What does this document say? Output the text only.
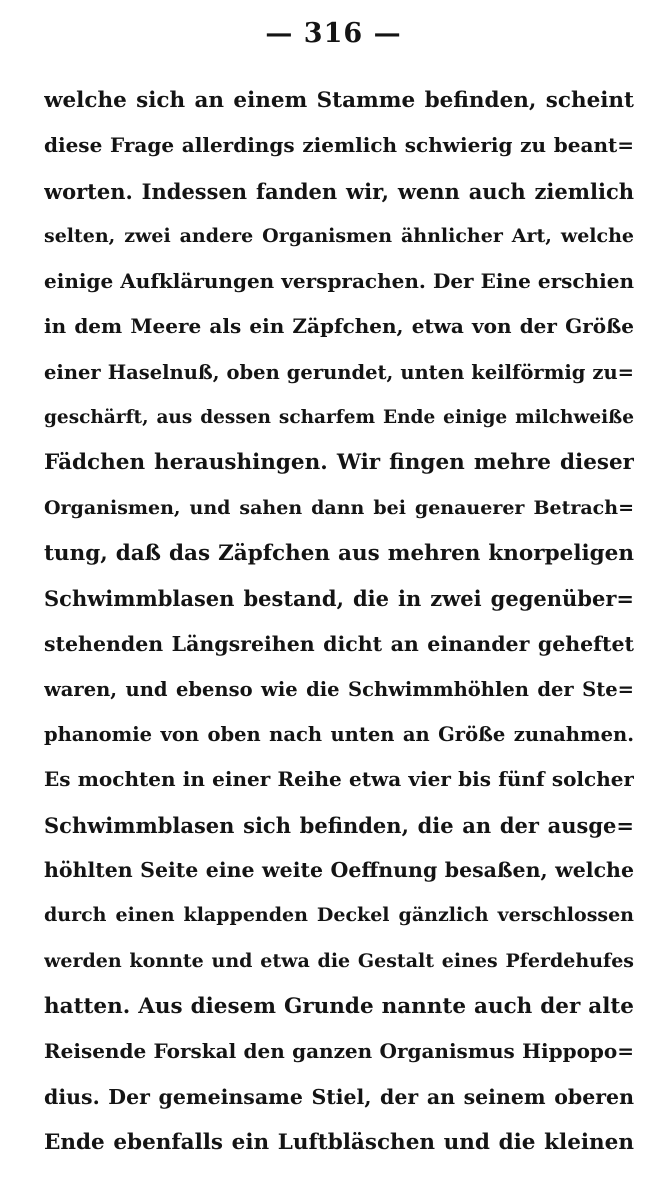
— 316 —
welche sich an einem Stamme befinden, scheint
diese Frage allerdings ziemlich schwierig zu beant=
worten. Indessen fanden wir, wenn auch ziemlich
selten, zwei andere Organismen ähnlicher Art, welche
einige Aufklärungen versprachen. Der Eine erschien
in dem Meere als ein Zäpfchen, etwa von der Größe
einer Haselnuß, oben gerundet, unten keilförmig zu=
geschärft, aus dessen scharfem Ende einige milchweiße
Fädchen heraushingen. Wir fingen mehre dieser
Organismen, und sahen dann bei genauerer Betrach=
tung, daß das Zäpfchen aus mehren knorpeligen
Schwimmblasen bestand, die in zwei gegenüber=
stehenden Längsreihen dicht an einander geheftet
waren, und ebenso wie die Schwimmhöhlen der Ste=
phanomie von oben nach unten an Größe zunahmen.
Es mochten in einer Reihe etwa vier bis fünf solcher
Schwimmblasen sich befinden, die an der ausge=
höhlten Seite eine weite Oeffnung besaßen, welche
durch einen klappenden Deckel gänzlich verschlossen
werden konnte und etwa die Gestalt eines Pferdehufes
hatten. Aus diesem Grunde nannte auch der alte
Reisende Forskal den ganzen Organismus Hippopo=
dius. Der gemeinsame Stiel, der an seinem oberen
Ende ebenfalls ein Luftbläschen und die kleinen
